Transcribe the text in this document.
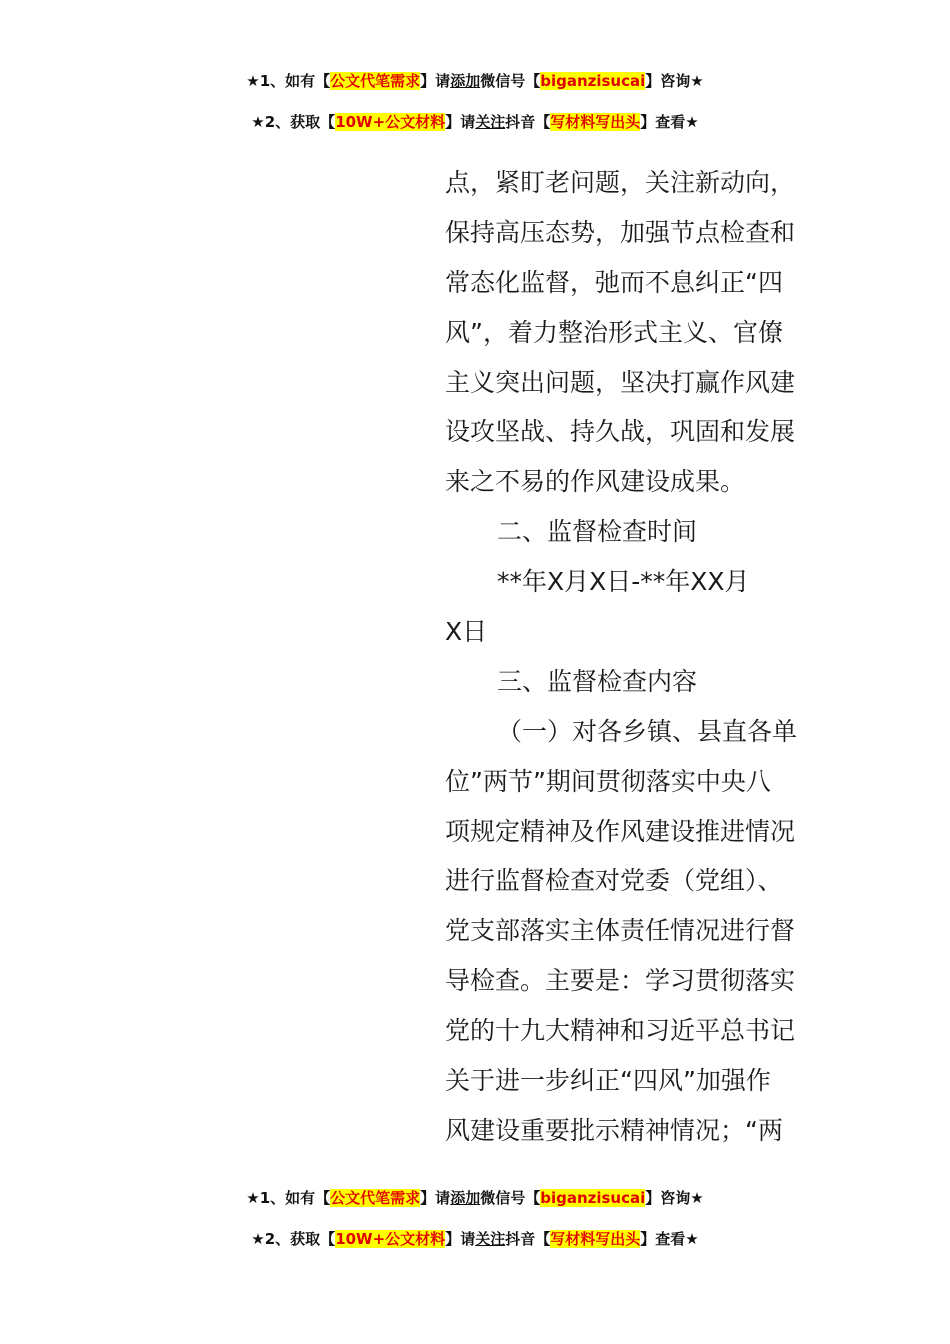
★1、如有【公文代笔需求】请添加微信号【biganzisucai】咨询★
★2、获取【10W+公文材料】请关注抖音【写材料写出头】查看★
点，紧盯老问题，关注新动向，
保持高压态势，加强节点检查和
常态化监督，弛而不息纠正“四
风”，着力整治形式主义、官僚
主义突出问题，坚决打赢作风建
设攻坚战、持久战，巩固和发展
来之不易的作风建设成果。
二、监督检查时间
**年X月X日-**年XX月
X日
三、监督检查内容
（一）对各乡镇、县直各单
位”两节”期间贯彻落实中央八
项规定精神及作风建设推进情况
进行监督检查对党委（党组）、
党支部落实主体责任情况进行督
导检查。主要是：学习贯彻落实
党的十九大精神和习近平总书记
关于进一步纠正“四风”加强作
风建设重要批示精神情况；“两
★1、如有【公文代笔需求】请添加微信号【biganzisucai】咨询★
★2、获取【10W+公文材料】请关注抖音【写材料写出头】查看★
